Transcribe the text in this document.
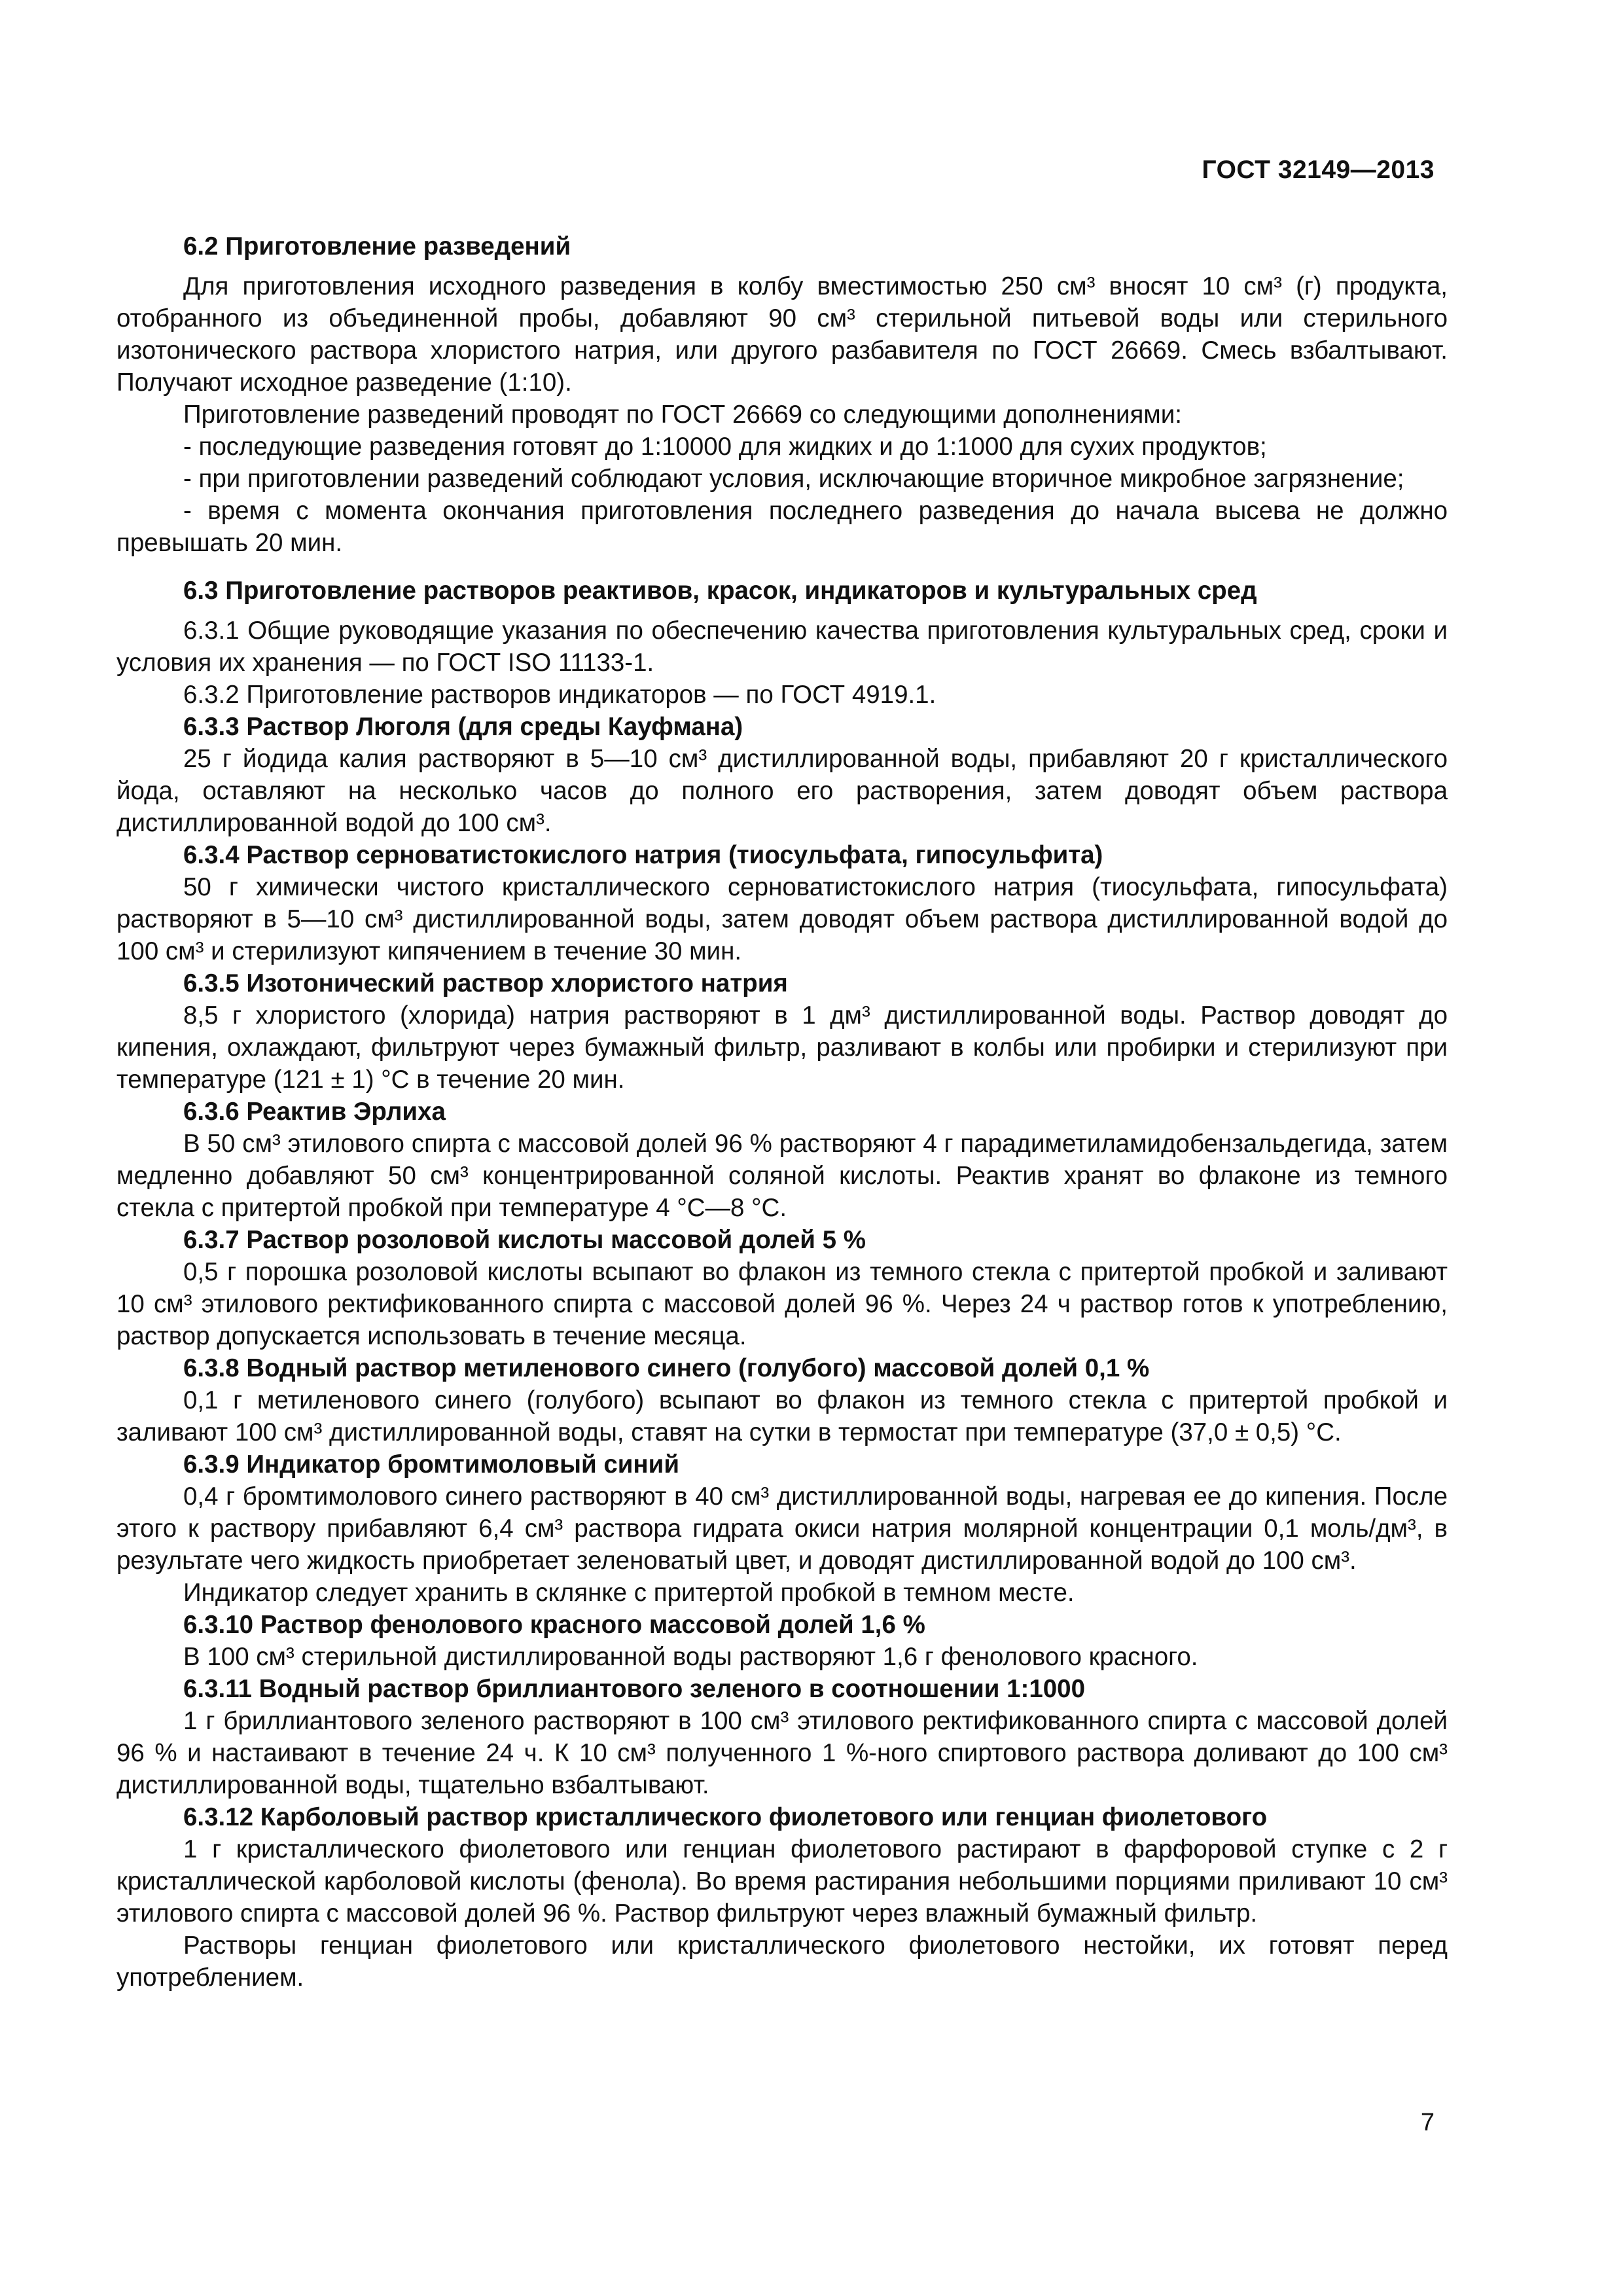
ГОСТ 32149—2013

6.2 Приготовление разведений

Для приготовления исходного разведения в колбу вместимостью 250 см³ вносят 10 см³ (г) продукта, отобранного из объединенной пробы, добавляют 90 см³ стерильной питьевой воды или стерильного изотонического раствора хлористого натрия, или другого разбавителя по ГОСТ 26669. Смесь взбалтывают. Получают исходное разведение (1:10).

Приготовление разведений проводят по ГОСТ 26669 со следующими дополнениями:

- последующие разведения готовят до 1:10000 для жидких и до 1:1000 для сухих продуктов;

- при приготовлении разведений соблюдают условия, исключающие вторичное микробное загрязнение;

- время с момента окончания приготовления последнего разведения до начала высева не должно превышать 20 мин.

6.3 Приготовление растворов реактивов, красок, индикаторов и культуральных сред

6.3.1 Общие руководящие указания по обеспечению качества приготовления культуральных сред, сроки и условия их хранения — по ГОСТ ISO 11133-1.

6.3.2 Приготовление растворов индикаторов — по ГОСТ 4919.1.

6.3.3 Раствор Люголя (для среды Кауфмана)

25 г йодида калия растворяют в 5—10 см³ дистиллированной воды, прибавляют 20 г кристаллического йода, оставляют на несколько часов до полного его растворения, затем доводят объем раствора дистиллированной водой до 100 см³.

6.3.4 Раствор серноватистокислого натрия (тиосульфата, гипосульфита)

50 г химически чистого кристаллического серноватистокислого натрия (тиосульфата, гипосульфата) растворяют в 5—10 см³ дистиллированной воды, затем доводят объем раствора дистиллированной водой до 100 см³ и стерилизуют кипячением в течение 30 мин.

6.3.5 Изотонический раствор хлористого натрия

8,5 г хлористого (хлорида) натрия растворяют в 1 дм³ дистиллированной воды. Раствор доводят до кипения, охлаждают, фильтруют через бумажный фильтр, разливают в колбы или пробирки и стерилизуют при температуре (121 ± 1) °С в течение 20 мин.

6.3.6 Реактив Эрлиха

В 50 см³ этилового спирта с массовой долей 96 % растворяют 4 г парадиметиламидобензальдегида, затем медленно добавляют 50 см³ концентрированной соляной кислоты. Реактив хранят во флаконе из темного стекла с притертой пробкой при температуре 4 °С—8 °С.

6.3.7 Раствор розоловой кислоты массовой долей 5 %

0,5 г порошка розоловой кислоты всыпают во флакон из темного стекла с притертой пробкой и заливают 10 см³ этилового ректификованного спирта с массовой долей 96 %. Через 24 ч раствор готов к употреблению, раствор допускается использовать в течение месяца.

6.3.8 Водный раствор метиленового синего (голубого) массовой долей 0,1 %

0,1 г метиленового синего (голубого) всыпают во флакон из темного стекла с притертой пробкой и заливают 100 см³ дистиллированной воды, ставят на сутки в термостат при температуре (37,0 ± 0,5) °С.

6.3.9 Индикатор бромтимоловый синий

0,4 г бромтимолового синего растворяют в 40 см³ дистиллированной воды, нагревая ее до кипения. После этого к раствору прибавляют 6,4 см³ раствора гидрата окиси натрия молярной концентрации 0,1 моль/дм³, в результате чего жидкость приобретает зеленоватый цвет, и доводят дистиллированной водой до 100 см³.

Индикатор следует хранить в склянке с притертой пробкой в темном месте.

6.3.10 Раствор фенолового красного массовой долей 1,6 %

В 100 см³ стерильной дистиллированной воды растворяют 1,6 г фенолового красного.

6.3.11 Водный раствор бриллиантового зеленого в соотношении 1:1000

1 г бриллиантового зеленого растворяют в 100 см³ этилового ректификованного спирта с массовой долей 96 % и настаивают в течение 24 ч. К 10 см³ полученного 1 %-ного спиртового раствора доливают до 100 см³ дистиллированной воды, тщательно взбалтывают.

6.3.12 Карболовый раствор кристаллического фиолетового или генциан фиолетового

1 г кристаллического фиолетового или генциан фиолетового растирают в фарфоровой ступке с 2 г кристаллической карболовой кислоты (фенола). Во время растирания небольшими порциями приливают 10 см³ этилового спирта с массовой долей 96 %. Раствор фильтруют через влажный бумажный фильтр.

Растворы генциан фиолетового или кристаллического фиолетового нестойки, их готовят перед употреблением.

7
